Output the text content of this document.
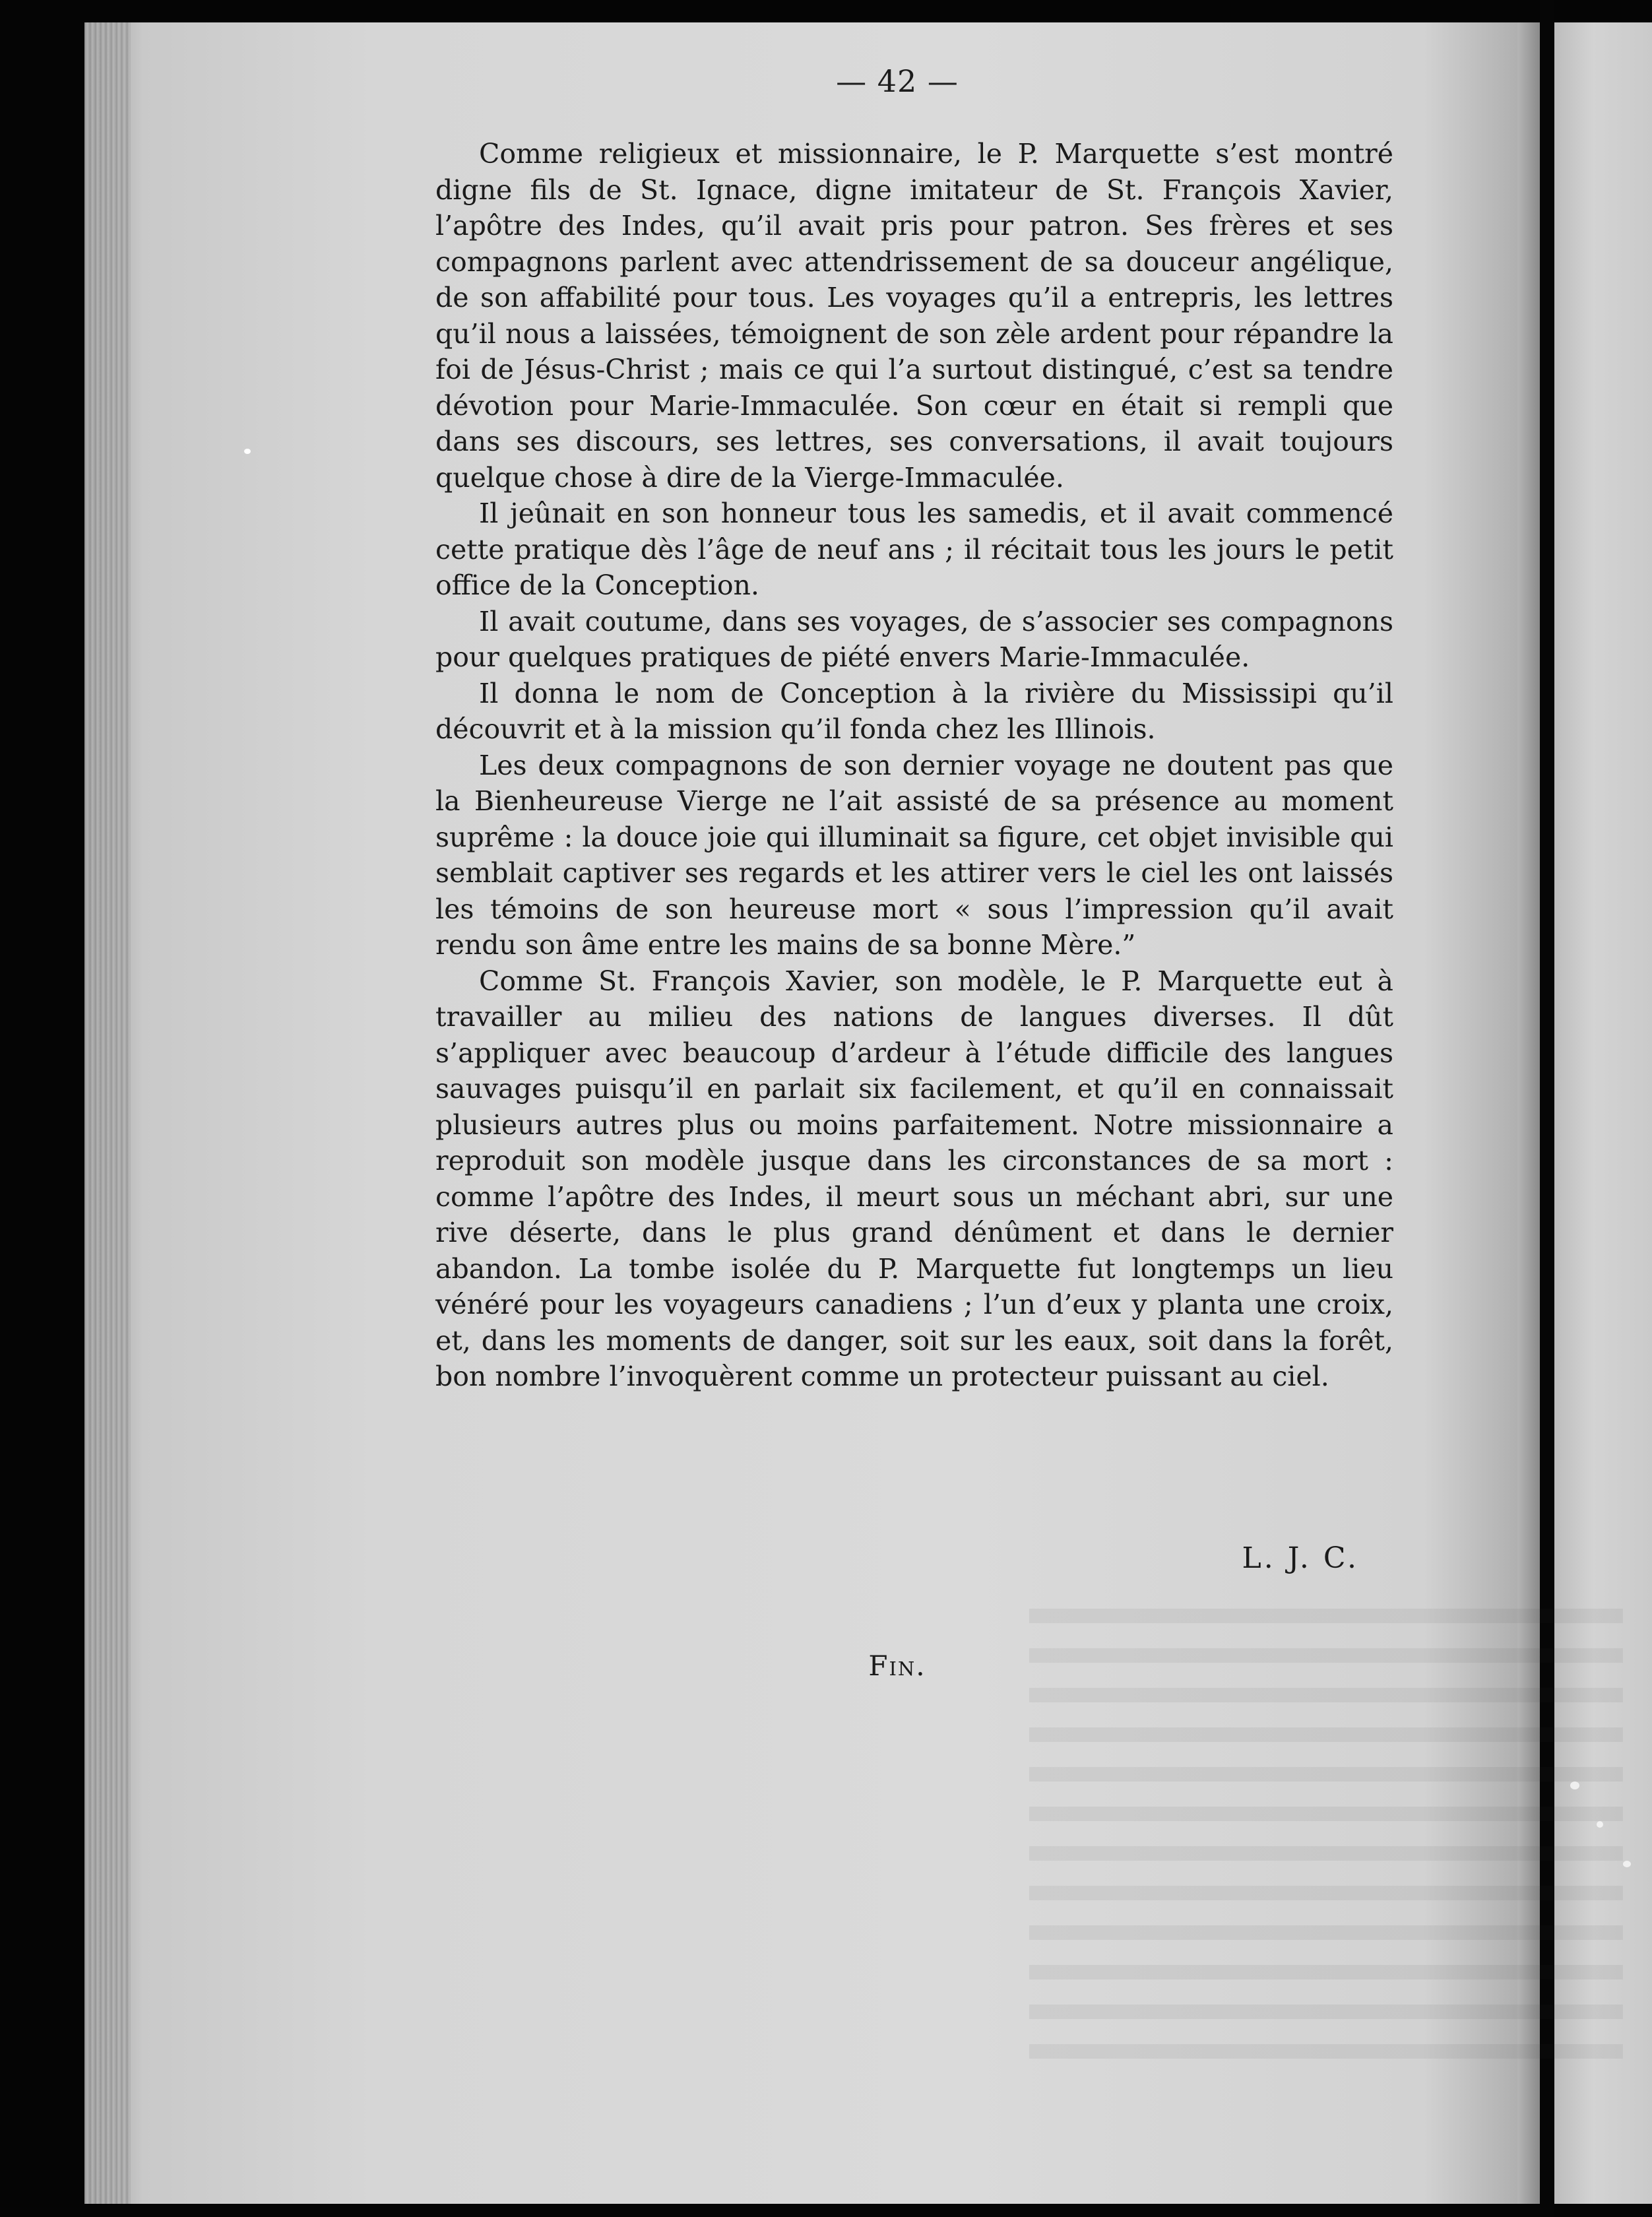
— 42 —

Comme religieux et missionnaire, le P. Marquette s’est montré digne fils de St. Ignace, digne imitateur de St. François Xavier, l’apôtre des Indes, qu’il avait pris pour patron. Ses frères et ses compagnons parlent avec attendrissement de sa douceur angélique, de son affabilité pour tous. Les voyages qu’il a entrepris, les lettres qu’il nous a laissées, témoignent de son zèle ardent pour répandre la foi de Jésus-Christ ; mais ce qui l’a surtout distingué, c’est sa tendre dévotion pour Marie-Immaculée. Son cœur en était si rempli que dans ses discours, ses lettres, ses conversations, il avait toujours quelque chose à dire de la Vierge-Immaculée.

Il jeûnait en son honneur tous les samedis, et il avait commencé cette pratique dès l’âge de neuf ans ; il récitait tous les jours le petit office de la Conception.

Il avait coutume, dans ses voyages, de s’associer ses compagnons pour quelques pratiques de piété envers Marie-Immaculée.

Il donna le nom de Conception à la rivière du Mississipi qu’il découvrit et à la mission qu’il fonda chez les Illinois.

Les deux compagnons de son dernier voyage ne doutent pas que la Bienheureuse Vierge ne l’ait assisté de sa présence au moment suprême : la douce joie qui illuminait sa figure, cet objet invisible qui semblait captiver ses regards et les attirer vers le ciel les ont laissés les témoins de son heureuse mort « sous l’impression qu’il avait rendu son âme entre les mains de sa bonne Mère.”

Comme St. François Xavier, son modèle, le P. Marquette eut à travailler au milieu des nations de langues diverses. Il dût s’appliquer avec beaucoup d’ardeur à l’étude difficile des langues sauvages puisqu’il en parlait six facilement, et qu’il en connaissait plusieurs autres plus ou moins parfaitement. Notre missionnaire a reproduit son modèle jusque dans les circonstances de sa mort : comme l’apôtre des Indes, il meurt sous un méchant abri, sur une rive déserte, dans le plus grand dénûment et dans le dernier abandon. La tombe isolée du P. Marquette fut longtemps un lieu vénéré pour les voyageurs canadiens ; l’un d’eux y planta une croix, et, dans les moments de danger, soit sur les eaux, soit dans la forêt, bon nombre l’invoquèrent comme un protecteur puissant au ciel.

L. J. C.
Fin.
